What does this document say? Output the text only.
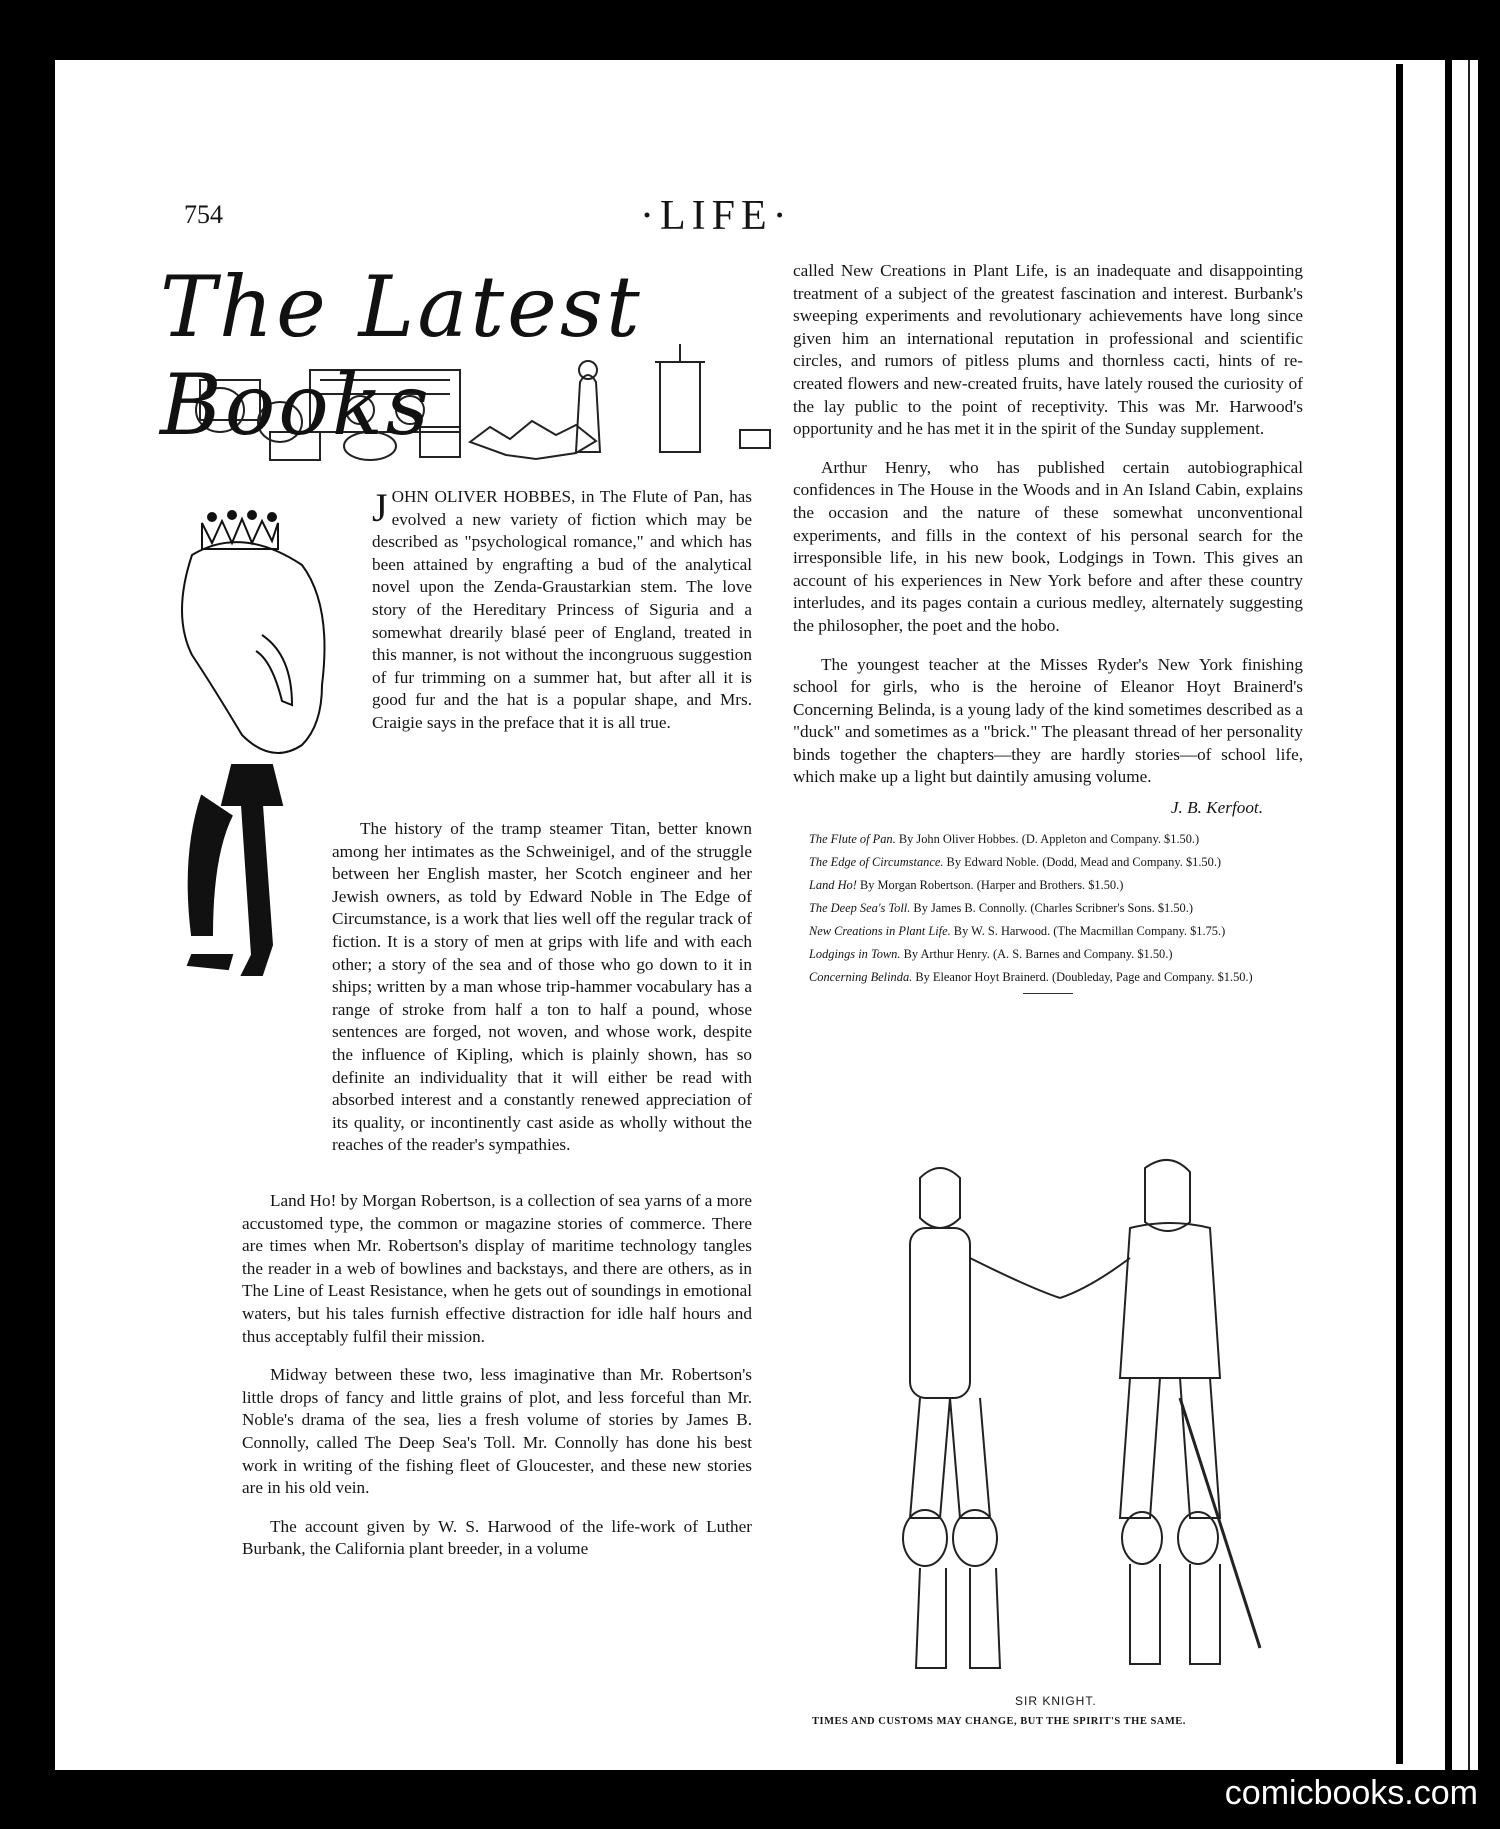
754	·LIFE·
The Latest Books

JOHN OLIVER HOBBES, in The Flute of Pan, has evolved a new variety of fiction which may be described as "psychological romance," and which has been attained by engrafting a bud of the analytical novel upon the Zenda-Graustarkian stem. The love story of the Hereditary Princess of Siguria and a somewhat drearily blasé peer of England, treated in this manner, is not without the incongruous suggestion of fur trimming on a summer hat, but after all it is good fur and the hat is a popular shape, and Mrs. Craigie says in the preface that it is all true.

The history of the tramp steamer Titan, better known among her intimates as the Schweinigel, and of the struggle between her English master, her Scotch engineer and her Jewish owners, as told by Edward Noble in The Edge of Circumstance, is a work that lies well off the regular track of fiction. It is a story of men at grips with life and with each other; a story of the sea and of those who go down to it in ships; written by a man whose trip-hammer vocabulary has a range of stroke from half a ton to half a pound, whose sentences are forged, not woven, and whose work, despite the influence of Kipling, which is plainly shown, has so definite an individuality that it will either be read with absorbed interest and a constantly renewed appreciation of its quality, or incontinently cast aside as wholly without the reaches of the reader's sympathies.

Land Ho! by Morgan Robertson, is a collection of sea yarns of a more accustomed type, the common or magazine stories of commerce. There are times when Mr. Robertson's display of maritime technology tangles the reader in a web of bowlines and backstays, and there are others, as in The Line of Least Resistance, when he gets out of soundings in emotional waters, but his tales furnish effective distraction for idle half hours and thus acceptably fulfil their mission.

Midway between these two, less imaginative than Mr. Robertson's little drops of fancy and little grains of plot, and less forceful than Mr. Noble's drama of the sea, lies a fresh volume of stories by James B. Connolly, called The Deep Sea's Toll. Mr. Connolly has done his best work in writing of the fishing fleet of Gloucester, and these new stories are in his old vein.

The account given by W. S. Harwood of the life-work of Luther Burbank, the California plant breeder, in a volume

called New Creations in Plant Life, is an inadequate and disappointing treatment of a subject of the greatest fascination and interest. Burbank's sweeping experiments and revolutionary achievements have long since given him an international reputation in professional and scientific circles, and rumors of pitless plums and thornless cacti, hints of re-created flowers and new-created fruits, have lately roused the curiosity of the lay public to the point of receptivity. This was Mr. Harwood's opportunity and he has met it in the spirit of the Sunday supplement.

Arthur Henry, who has published certain autobiographical confidences in The House in the Woods and in An Island Cabin, explains the occasion and the nature of these somewhat unconventional experiments, and fills in the context of his personal search for the irresponsible life, in his new book, Lodgings in Town. This gives an account of his experiences in New York before and after these country interludes, and its pages contain a curious medley, alternately suggesting the philosopher, the poet and the hobo.

The youngest teacher at the Misses Ryder's New York finishing school for girls, who is the heroine of Eleanor Hoyt Brainerd's Concerning Belinda, is a young lady of the kind sometimes described as a "duck" and sometimes as a "brick." The pleasant thread of her personality binds together the chapters—they are hardly stories—of school life, which make up a light but daintily amusing volume.

J. B. Kerfoot.
The Flute of Pan. By John Oliver Hobbes. (D. Appleton and Company. $1.50.)
The Edge of Circumstance. By Edward Noble. (Dodd, Mead and Company. $1.50.)
Land Ho! By Morgan Robertson. (Harper and Brothers. $1.50.)
The Deep Sea's Toll. By James B. Connolly. (Charles Scribner's Sons. $1.50.)
New Creations in Plant Life. By W. S. Harwood. (The Macmillan Company. $1.75.)
Lodgings in Town. By Arthur Henry. (A. S. Barnes and Company. $1.50.)
Concerning Belinda. By Eleanor Hoyt Brainerd. (Doubleday, Page and Company. $1.50.)
SIR KNIGHT.
TIMES AND CUSTOMS MAY CHANGE, BUT THE SPIRIT'S THE SAME.
comicbooks.com
